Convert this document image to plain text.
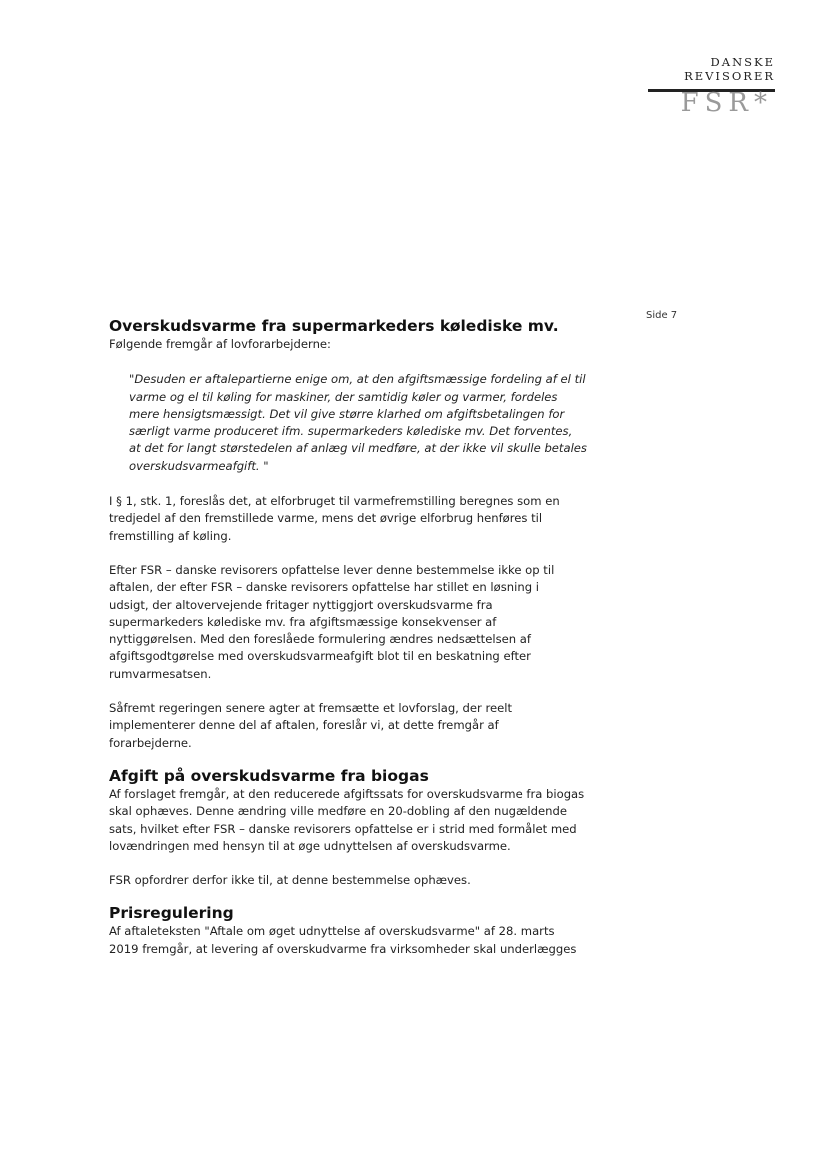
DANSKE
REVISORER
FSR*
Side 7
Overskudsvarme fra supermarkeders kølediske mv.

Følgende fremgår af lovforarbejderne:

"Desuden er aftalepartierne enige om, at den afgiftsmæssige fordeling af el til
varme og el til køling for maskiner, der samtidig køler og varmer, fordeles
mere hensigtsmæssigt. Det vil give større klarhed om afgiftsbetalingen for
særligt varme produceret ifm. supermarkeders kølediske mv. Det forventes,
at det for langt størstedelen af anlæg vil medføre, at der ikke vil skulle betales
overskudsvarmeafgift. "
I § 1, stk. 1, foreslås det, at elforbruget til varmefremstilling beregnes som en
tredjedel af den fremstillede varme, mens det øvrige elforbrug henføres til
fremstilling af køling.
Efter FSR – danske revisorers opfattelse lever denne bestemmelse ikke op til
aftalen, der efter FSR – danske revisorers opfattelse har stillet en løsning i
udsigt, der altovervejende fritager nyttiggjort overskudsvarme fra
supermarkeders kølediske mv. fra afgiftsmæssige konsekvenser af
nyttiggørelsen. Med den foreslåede formulering ændres nedsættelsen af
afgiftsgodtgørelse med overskudsvarmeafgift blot til en beskatning efter
rumvarmesatsen.
Såfremt regeringen senere agter at fremsætte et lovforslag, der reelt
implementerer denne del af aftalen, foreslår vi, at dette fremgår af
forarbejderne.
Afgift på overskudsvarme fra biogas
Af forslaget fremgår, at den reducerede afgiftssats for overskudsvarme fra biogas
skal ophæves. Denne ændring ville medføre en 20-dobling af den nugældende
sats, hvilket efter FSR – danske revisorers opfattelse er i strid med formålet med
lovændringen med hensyn til at øge udnyttelsen af overskudsvarme.
FSR opfordrer derfor ikke til, at denne bestemmelse ophæves.
Prisregulering
Af aftaleteksten "Aftale om øget udnyttelse af overskudsvarme" af 28. marts
2019 fremgår, at levering af overskudvarme fra virksomheder skal underlægges
